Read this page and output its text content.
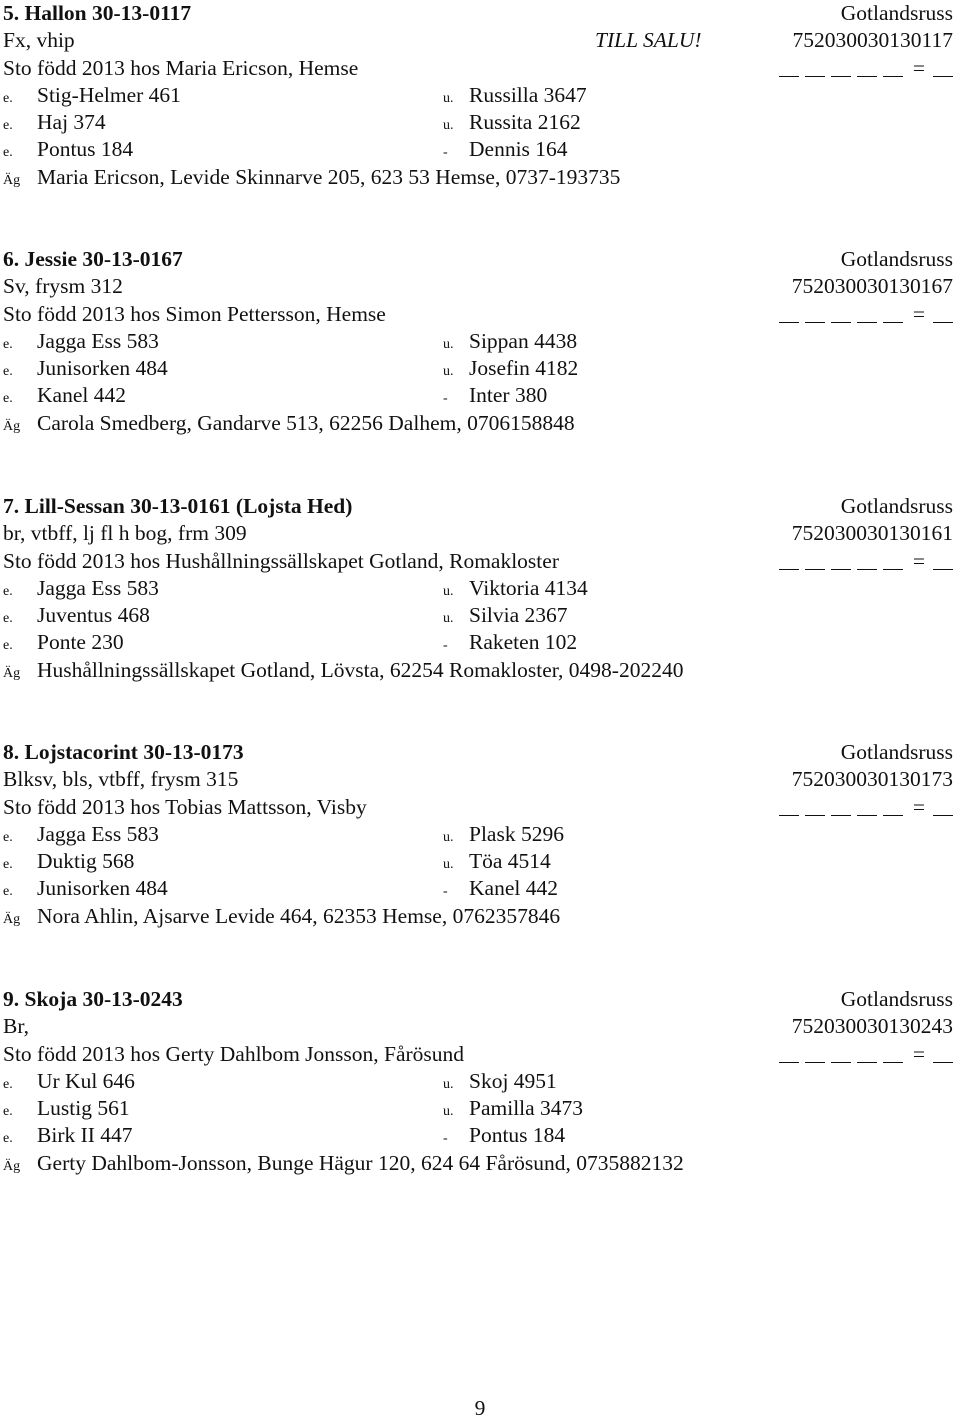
5. Hallon 30-13-0117	Gotlandsruss
Fx, vhip	TILL SALU!	752030030130117
Sto född 2013 hos Maria Ericson, Hemse	=
e. Stig-Helmer 461	u. Russilla 3647
e. Haj 374	u. Russita 2162
e. Pontus 184	- Dennis 164
Äg Maria Ericson, Levide Skinnarve 205, 623 53 Hemse, 0737-193735
6. Jessie 30-13-0167	Gotlandsruss
Sv, frysm 312	752030030130167
Sto född 2013 hos Simon Pettersson, Hemse	=
e. Jagga Ess 583	u. Sippan 4438
e. Junisorken 484	u. Josefin 4182
e. Kanel 442	- Inter 380
Äg Carola Smedberg, Gandarve 513, 62256 Dalhem, 0706158848
7. Lill-Sessan 30-13-0161 (Lojsta Hed)	Gotlandsruss
br, vtbff, lj fl h bog, frm 309	752030030130161
Sto född 2013 hos Hushållningssällskapet Gotland, Romakloster	=
e. Jagga Ess 583	u. Viktoria 4134
e. Juventus 468	u. Silvia 2367
e. Ponte 230	- Raketen 102
Äg Hushållningssällskapet Gotland, Lövsta, 62254 Romakloster, 0498-202240
8. Lojstacorint 30-13-0173	Gotlandsruss
Blksv, bls, vtbff, frysm 315	752030030130173
Sto född 2013 hos Tobias Mattsson, Visby	=
e. Jagga Ess 583	u. Plask 5296
e. Duktig 568	u. Töa 4514
e. Junisorken 484	- Kanel 442
Äg Nora Ahlin, Ajsarve Levide 464, 62353 Hemse, 0762357846
9. Skoja 30-13-0243	Gotlandsruss
Br,	752030030130243
Sto född 2013 hos Gerty Dahlbom Jonsson, Fårösund	=
e. Ur Kul 646	u. Skoj 4951
e. Lustig 561	u. Pamilla 3473
e. Birk II 447	- Pontus 184
Äg Gerty Dahlbom-Jonsson, Bunge Hägur 120, 624 64 Fårösund, 0735882132
9
